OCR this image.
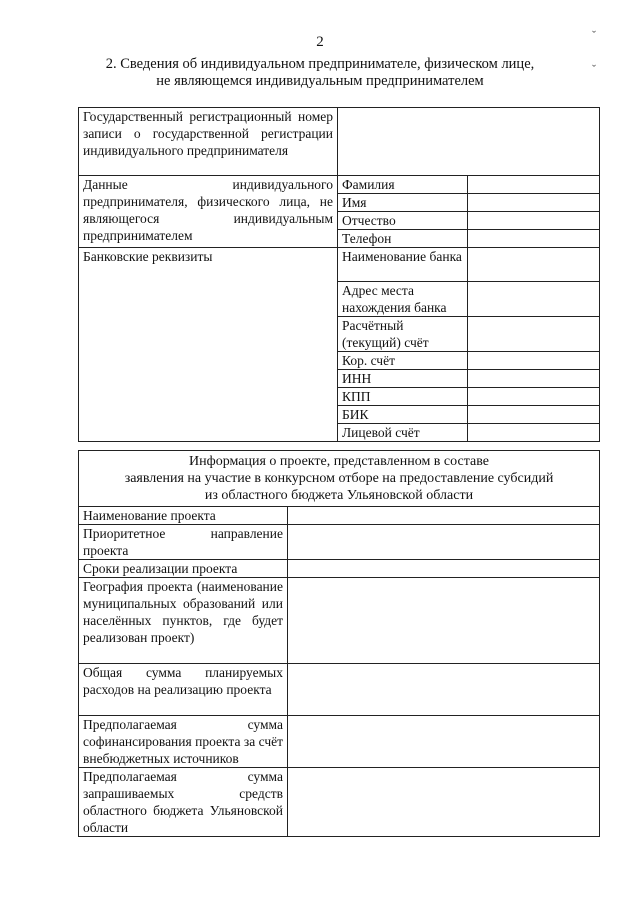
2	ˇ
ˇ
2. Сведения об индивидуальном предпринимателе, физическом лице,
не являющемся индивидуальным предпринимателем
Государственный регистрационный номер записи о государственной регистрации индивидуального предпринимателя		
Данные индивидуального предпринимателя, физического лица, не являющегося индивидуальным предпринимателем	Фамилия	
	Имя	
	Отчество	
	Телефон	
Банковские реквизиты	Наименование банка	
	Адрес места нахождения банка	
	Расчётный (текущий) счёт	
	Кор. счёт	
	ИНН	
	КПП	
	БИК	
	Лицевой счёт	
Информация о проекте, представленном в составе
заявления на участие в конкурсном отборе на предоставление субсидий
из областного бюджета Ульяновской области	

Наименование проекта	
Приоритетное направление проекта	
Сроки реализации проекта	
География проекта (наименование муниципальных образований или населённых пунктов, где будет реализован проект)	
Общая сумма планируемых расходов на реализацию проекта	
Предполагаемая сумма софинансирования проекта за счёт внебюджетных источников	
Предполагаемая сумма запрашиваемых средств областного бюджета Ульяновской области	
